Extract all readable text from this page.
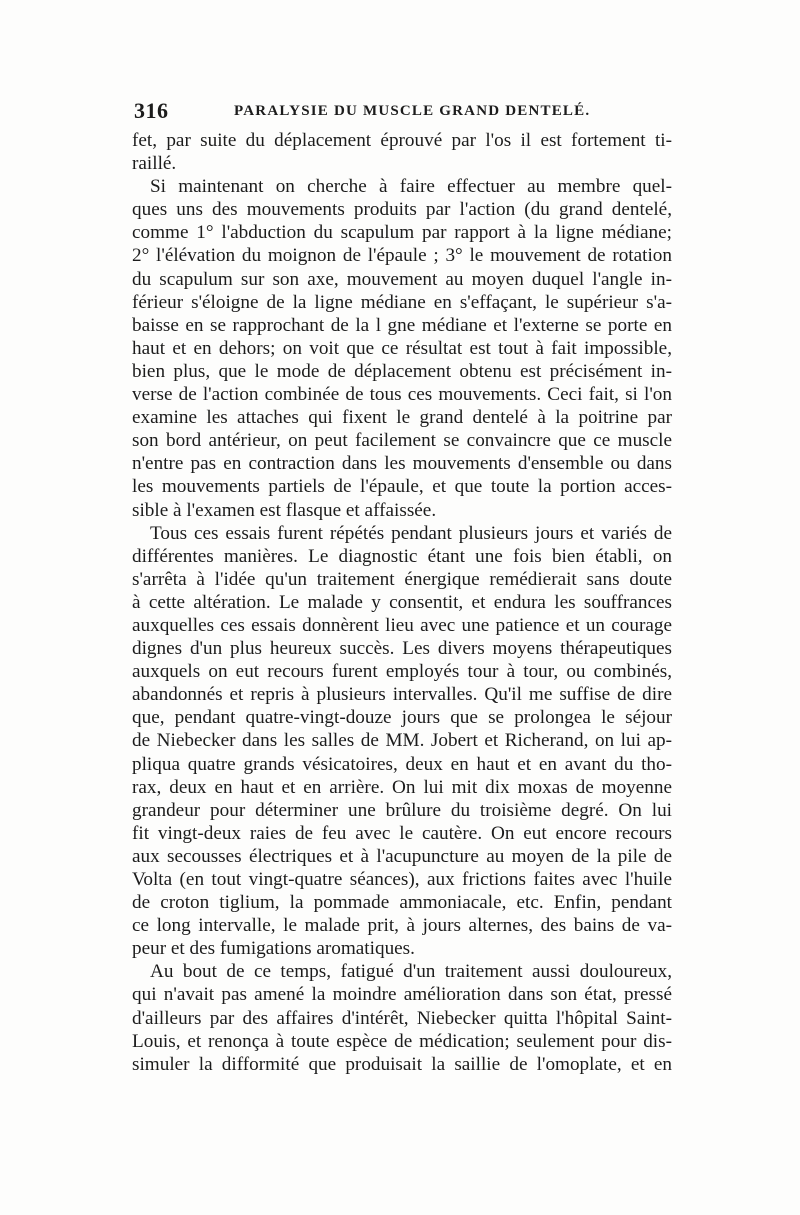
316	PARALYSIE DU MUSCLE GRAND DENTELÉ.
fet, par suite du déplacement éprouvé par l'os il est fortement ti-
raillé.
Si maintenant on cherche à faire effectuer au membre quel-
ques uns des mouvements produits par l'action (du grand dentelé,
comme 1° l'abduction du scapulum par rapport à la ligne médiane;
2° l'élévation du moignon de l'épaule ; 3° le mouvement de rotation
du scapulum sur son axe, mouvement au moyen duquel l'angle in-
férieur s'éloigne de la ligne médiane en s'effaçant, le supérieur s'a-
baisse en se rapprochant de la l gne médiane et l'externe se porte en
haut et en dehors; on voit que ce résultat est tout à fait impossible,
bien plus, que le mode de déplacement obtenu est précisément in-
verse de l'action combinée de tous ces mouvements. Ceci fait, si l'on
examine les attaches qui fixent le grand dentelé à la poitrine par
son bord antérieur, on peut facilement se convaincre que ce muscle
n'entre pas en contraction dans les mouvements d'ensemble ou dans
les mouvements partiels de l'épaule, et que toute la portion acces-
sible à l'examen est flasque et affaissée.
Tous ces essais furent répétés pendant plusieurs jours et variés de
différentes manières. Le diagnostic étant une fois bien établi, on
s'arrêta à l'idée qu'un traitement énergique remédierait sans doute
à cette altération. Le malade y consentit, et endura les souffrances
auxquelles ces essais donnèrent lieu avec une patience et un courage
dignes d'un plus heureux succès. Les divers moyens thérapeutiques
auxquels on eut recours furent employés tour à tour, ou combinés,
abandonnés et repris à plusieurs intervalles. Qu'il me suffise de dire
que, pendant quatre-vingt-douze jours que se prolongea le séjour
de Niebecker dans les salles de MM. Jobert et Richerand, on lui ap-
pliqua quatre grands vésicatoires, deux en haut et en avant du tho-
rax, deux en haut et en arrière. On lui mit dix moxas de moyenne
grandeur pour déterminer une brûlure du troisième degré. On lui
fit vingt-deux raies de feu avec le cautère. On eut encore recours
aux secousses électriques et à l'acupuncture au moyen de la pile de
Volta (en tout vingt-quatre séances), aux frictions faites avec l'huile
de croton tiglium, la pommade ammoniacale, etc. Enfin, pendant
ce long intervalle, le malade prit, à jours alternes, des bains de va-
peur et des fumigations aromatiques.
Au bout de ce temps, fatigué d'un traitement aussi douloureux,
qui n'avait pas amené la moindre amélioration dans son état, pressé
d'ailleurs par des affaires d'intérêt, Niebecker quitta l'hôpital Saint-
Louis, et renonça à toute espèce de médication; seulement pour dis-
simuler la difformité que produisait la saillie de l'omoplate, et en
